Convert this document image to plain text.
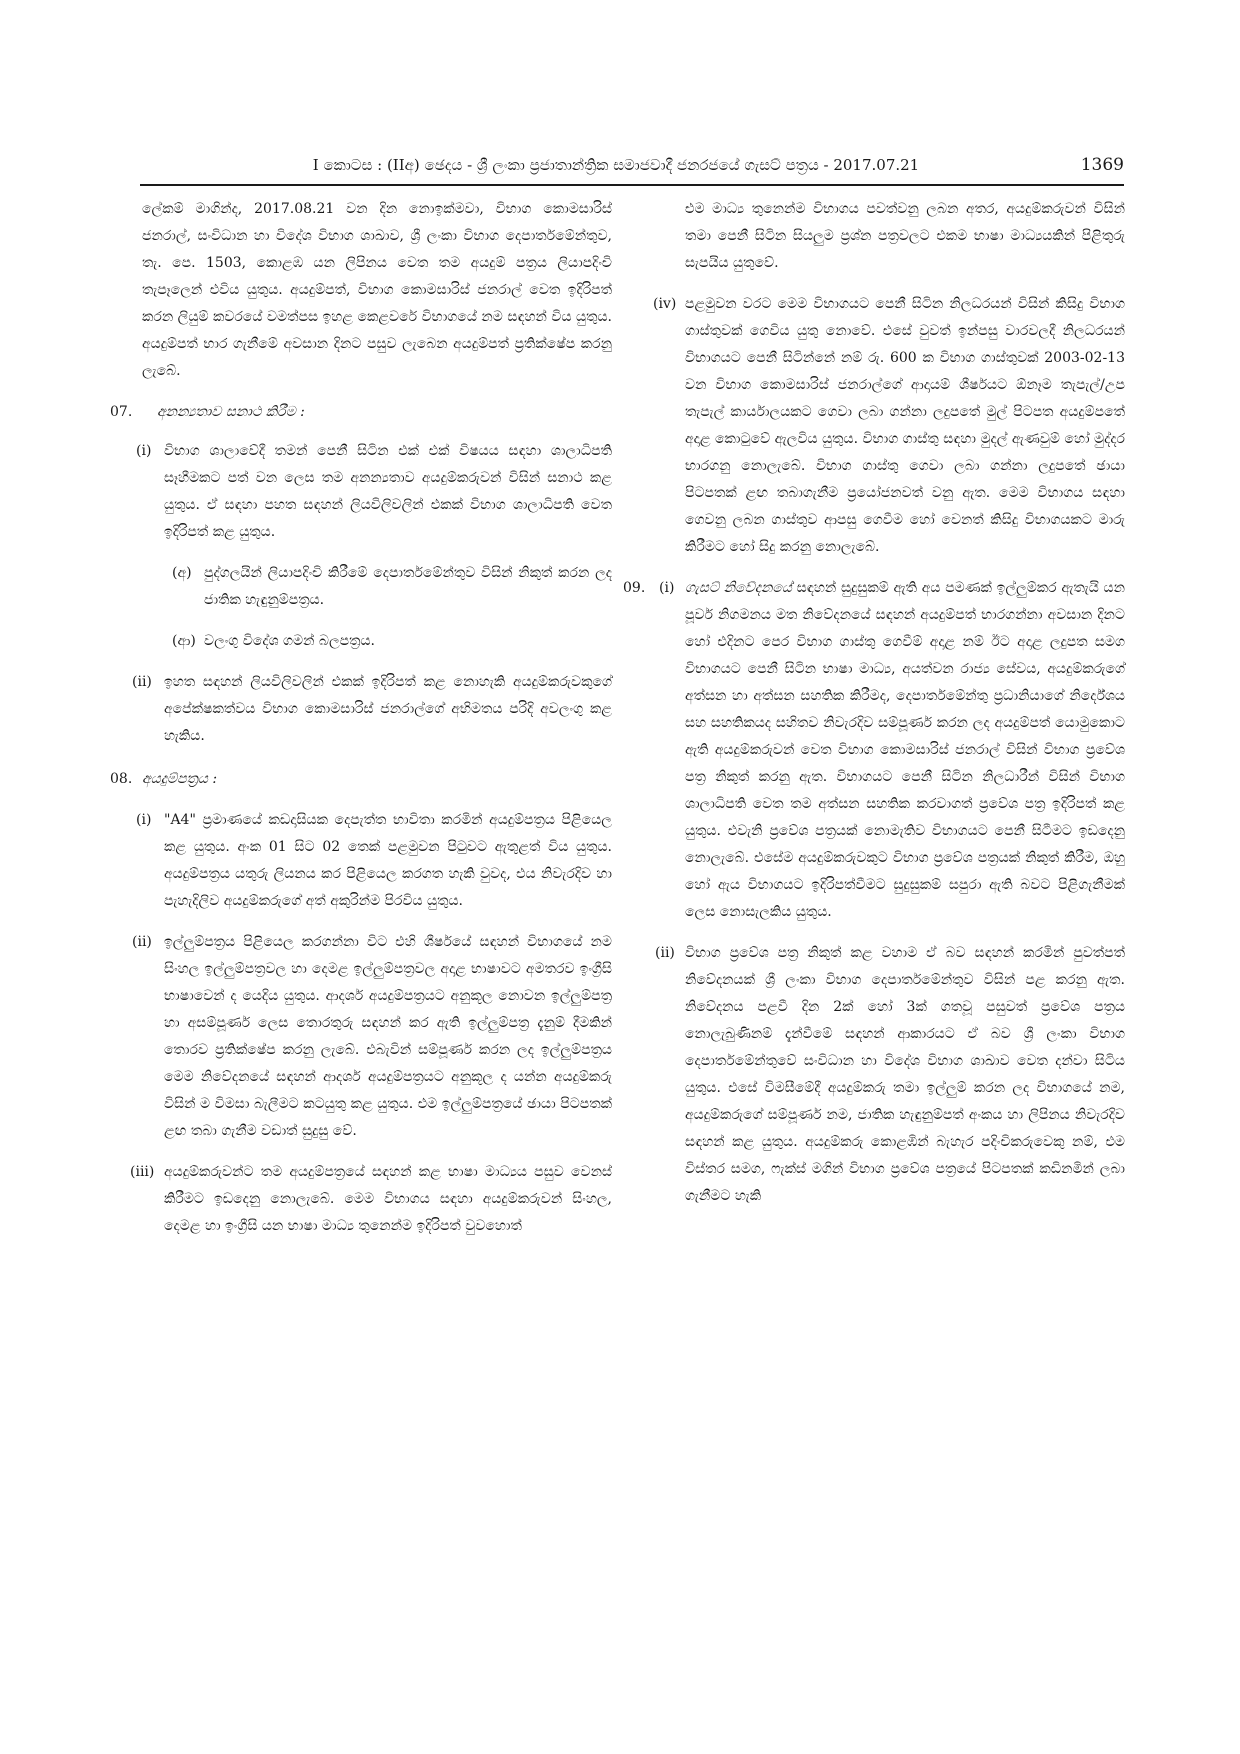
I කොටස : (IIඅ) ඡෙදය - ශ්‍රී ලංකා ප්‍රජාතාන්ත්‍රික සමාජවාදී ජනරජයේ ගැසට් පත්‍රය - 2017.07.21	1369

ලේකම් මාගින්ද, 2017.08.21 වන දින නොඉක්මවා, විභාග කොමසාරිස් ජනරාල්, සංවිධාන හා විදේශ විභාග ශාඛාව, ශ්‍රී ලංකා විභාග දෙපාර්තමේන්තුව, තැ. පෙ. 1503, කොළඹ යන ලිපිනය වෙත තම අයදුම් පත්‍රය ලියාපදිංචි තැපෑලෙන් එවිය යුතුය. අයදුම්පත්, විභාග කොමසාරිස් ජනරාල් වෙත ඉදිරිපත් කරන ලියුම් කවරයේ වමත්පස ඉහළ කෙළවරේ විභාගයේ නම සඳහන් විය යුතුය. අයදුම්පත් භාර ගැනීමේ අවසාන දිනට පසුව ලැබෙන අයදුම්පත් ප්‍රතික්ෂේප කරනු ලැබේ.

07. අනන්‍යතාව සනාථ කිරීම :
(i) විභාග ශාලාවේදී තමන් පෙනී සිටින එක් එක් විෂයය සඳහා ශාලාධිපති සෑහීමකට පත් වන ලෙස තම අනන්‍යතාව අයදුම්කරුවන් විසින් සනාථ කළ යුතුය. ඒ සඳහා පහත සඳහන් ලියවිලිවලින් එකක් විභාග ශාලාධිපති වෙත ඉදිරිපත් කළ යුතුය.

(අ) පුද්ගලයින් ලියාපදිංචි කිරීමේ දෙපාර්තමේන්තුව විසින් නිකුත් කරන ලද ජාතික හැඳුනුම්පත්‍රය.

(ආ) වලංගු විදේශ ගමන් බලපත්‍රය.

(ii) ඉහත සඳහන් ලියවිලිවලින් එකක් ඉදිරිපත් කළ නොහැකි අයදුම්කරුවකුගේ අපේක්ෂකත්වය විභාග කොමසාරිස් ජනරාල්ගේ අභිමතය පරිදි අවලංගු කළ හැකිය.

08. අයදුම්පත්‍රය :
(i) "A4" ප්‍රමාණයේ කඩදාසියක දෙපැත්ත භාවිතා කරමින් අයදුම්පත්‍රය පිළියෙල කළ යුතුය. අංක 01 සිට 02 තෙක් පළමුවන පිටුවට ඇතුළත් විය යුතුය. අයදුම්පත්‍රය යතුරු ලියනය කර පිළියෙල කරගත හැකි වුවද, එය නිවැරදිව හා පැහැදිලිව අයදුම්කරුගේ අත් අකුරින්ම පිරවිය යුතුය.

(ii) ඉල්ලුම්පත්‍රය පිළියෙල කරගන්නා විට එහි ශීර්ෂයේ සඳහන් විභාගයේ නම සිංහල ඉල්ලුම්පත්‍රවල හා දෙමළ ඉල්ලුම්පත්‍රවල අදාළ භාෂාවට අමතරව ඉංග්‍රීසි භාෂාවෙන් ද යෙදිය යුතුය. ආදර්ශ අයදුම්පත්‍රයට අනුකූල නොවන ඉල්ලුම්පත්‍ර හා අසම්පූර්ණ ලෙස තොරතුරු සඳහන් කර ඇති ඉල්ලුම්පත්‍ර දැනුම් දීමකින් තොරව ප්‍රතික්ෂේප කරනු ලැබේ. එබැවින් සම්පූර්ණ කරන ලද ඉල්ලුම්පත්‍රය මෙම නිවේදනයේ සඳහන් ආදර්ශ අයදුම්පත්‍රයට අනුකූල ද යන්න අයදුම්කරු විසින් ම විමසා බැලීමට කටයුතු කළ යුතුය. එම ඉල්ලුම්පත්‍රයේ ඡායා පිටපතක් ළඟ තබා ගැනීම වඩාත් සුදුසු වේ.

(iii) අයදුම්කරුවන්ට තම අයදුම්පත්‍රයේ සඳහන් කළ භාෂා මාධ්‍යය පසුව වෙනස් කිරීමට ඉඩදෙනු නොලැබේ. මෙම විභාගය සඳහා අයදුම්කරුවන් සිංහල, දෙමළ හා ඉංග්‍රීසි යන භාෂා මාධ්‍ය තුනෙන්ම ඉදිරිපත් වුවහොත්

එම මාධ්‍ය තුනෙන්ම විභාගය පවත්වනු ලබන අතර, අයදුම්කරුවන් විසින් තමා පෙනී සිටින සියලුම ප්‍රශ්න පත්‍රවලට එකම භාෂා මාධ්‍යයකින් පිළිතුරු සැපයිය යුතුවේ.

(iv) පළමුවන වරට මෙම විභාගයට පෙනී සිටින නිලධරයන් විසින් කිසිදු විභාග ගාස්තුවක් ගෙවිය යුතු නොවේ. එසේ වුවත් ඉන්පසු වාරවලදී නිලධරයන් විභාගයට පෙනී සිටින්නේ නම් රු. 600 ක විභාග ගාස්තුවක් 2003-02-13 වන විභාග කොමසාරිස් ජනරාල්ගේ ආදායම් ශීර්ෂයට ඕනෑම තැපැල්/උප තැපැල් කාර්යාලයකට ගෙවා ලබා ගන්නා ලදුපතේ මුල් පිටපත අයදුම්පතේ අදාළ කොටුවේ ඇලවිය යුතුය. විභාග ගාස්තු සඳහා මුදල් ඇණවුම් හෝ මුද්දර භාරගනු නොලැබේ. විභාග ගාස්තු ගෙවා ලබා ගන්නා ලදුපතේ ඡායා පිටපතක් ළඟ තබාගැනීම ප්‍රයෝජනවත් වනු ඇත. මෙම විභාගය සඳහා ගෙවනු ලබන ගාස්තුව ආපසු ගෙවීම හෝ වෙනත් කිසිදු විභාගයකට මාරු කිරීමට හෝ සිදු කරනු නොලැබේ.

09. (i) ගැසට් නිවේදනයේ සඳහන් සුදුසුකම් ඇති අය පමණක් ඉල්ලුම්කර ඇතැයි යන පූර්ව නිගමනය මත නිවේදනයේ සඳහන් අයදුම්පත් භාරගන්නා අවසාන දිනට හෝ එදිනට පෙර විභාග ගාස්තු ගෙවීම් අදාළ නම් ඊට අදාළ ලදුපත සමග විභාගයට පෙනී සිටින භාෂා මාධ්‍ය, අයත්වන රාජ්‍ය සේවය, අයදුම්කරුගේ අත්සන හා අත්සන සහතික කිරීමද, දෙපාර්තමේන්තු ප්‍රධානියාගේ නිර්දේශය සහ සහතිකයද සහිතව නිවැරදිව සම්පූර්ණ කරන ලද අයදුම්පත් යොමුකොට ඇති අයදුම්කරුවන් වෙත විභාග කොමසාරිස් ජනරාල් විසින් විභාග ප්‍රවේශ පත්‍ර නිකුත් කරනු ඇත. විභාගයට පෙනී සිටින නිලධාරීන් විසින් විභාග ශාලාධිපති වෙත තම අත්සන සහතික කරවාගත් ප්‍රවේශ පත්‍ර ඉදිරිපත් කළ යුතුය. එවැනි ප්‍රවේශ පත්‍රයක් නොමැතිව විභාගයට පෙනී සිටීමට ඉඩදෙනු නොලැබේ. එසේම අයදුම්කරුවකුට විභාග ප්‍රවේශ පත්‍රයක් නිකුත් කිරීම, ඔහු හෝ ඇය විභාගයට ඉදිරිපත්වීමට සුදුසුකම් සපුරා ඇති බවට පිළිගැනීමක් ලෙස නොසැලකිය යුතුය.

(ii) විභාග ප්‍රවේශ පත්‍ර නිකුත් කළ වහාම ඒ බව සඳහන් කරමින් පුවත්පත් නිවේදනයක් ශ්‍රී ලංකා විභාග දෙපාර්තමේන්තුව විසින් පළ කරනු ඇත. නිවේදනය පළවී දින 2ක් හෝ 3ක් ගතවූ පසුවත් ප්‍රවේශ පත්‍රය නොලැබුණිනම් දැන්වීමේ සඳහන් ආකාරයට ඒ බව ශ්‍රී ලංකා විභාග දෙපාර්තමේන්තුවේ සංවිධාන හා විදේශ විභාග ශාඛාව වෙත දන්වා සිටිය යුතුය. එසේ විමසීමේදී අයදුම්කරු තමා ඉල්ලුම් කරන ලද විභාගයේ නම, අයදුම්කරුගේ සම්පූර්ණ නම, ජාතික හැඳුනුම්පත් අංකය හා ලිපිනය නිවැරදිව සඳහන් කළ යුතුය. අයදුම්කරු කොළඹින් බැහැර පදිංචිකරුවෙකු නම්, එම විස්තර සමග, ෆැක්ස් මගින් විභාග ප්‍රවේශ පත්‍රයේ පිටපතක් කඩිනමින් ලබා ගැනීමට හැකි
